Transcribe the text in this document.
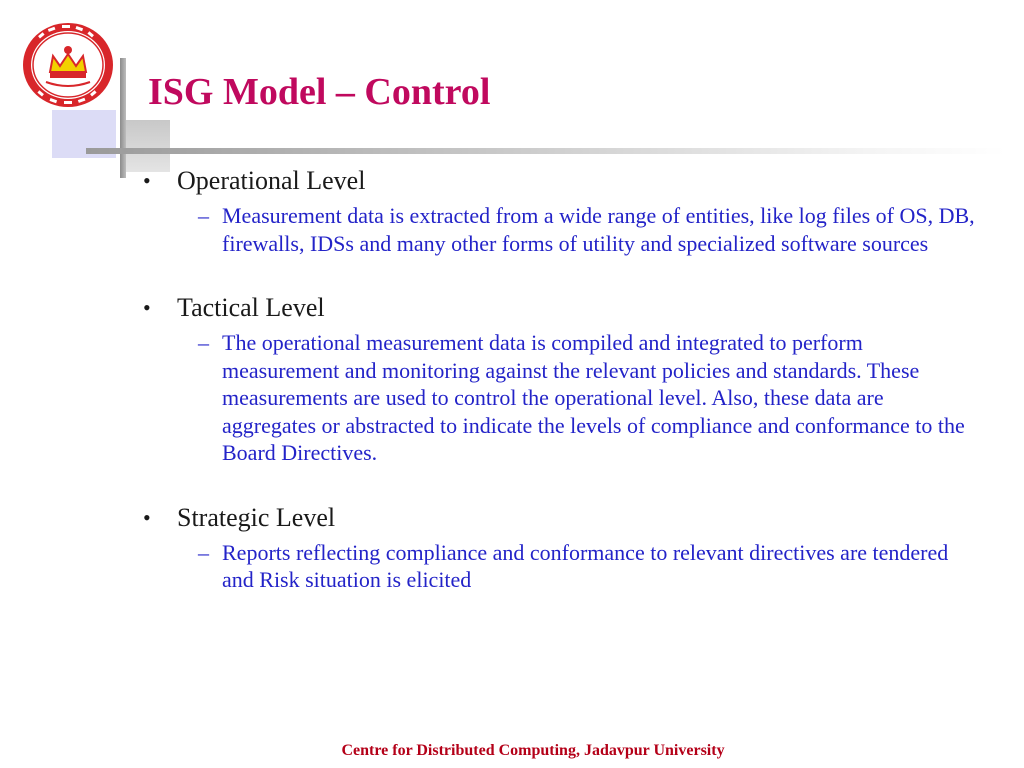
ISG Model – Control
• Operational Level
– Measurement data is extracted from a wide range of entities, like log files of OS, DB, firewalls, IDSs and many other forms of utility and specialized software sources
• Tactical Level
– The operational measurement data is compiled and integrated to perform measurement and monitoring against the relevant policies and standards. These measurements are used to control the operational level. Also, these data are aggregates or abstracted to indicate the levels of compliance and conformance to the Board Directives.
• Strategic Level
– Reports reflecting compliance and conformance to relevant directives are tendered and Risk situation is elicited
Centre for Distributed Computing, Jadavpur University
